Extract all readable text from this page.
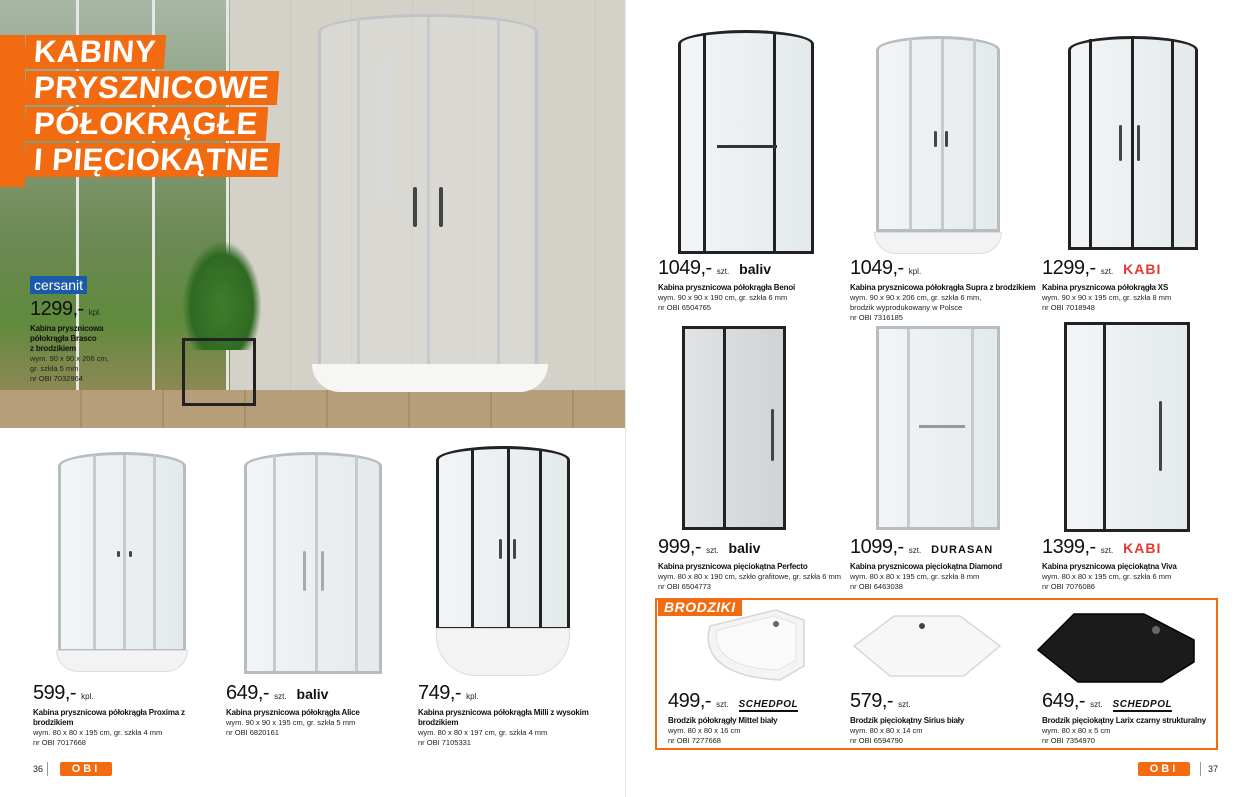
KABINY
PRYSZNICOWE
PÓŁOKRĄGŁE
I PIĘCIOKĄTNE
cersanit
1299,- kpl.
Kabina prysznicowa
półokrągła Brasco
z brodzikiem
wym. 90 x 90 x 206 cm,
gr. szkła 5 mm
nr OBI 7032964
1049,- szt. baliv
Kabina prysznicowa półokrągła Benoi
wym. 90 x 90 x 190 cm, gr. szkła 6 mm
nr OBI 6504765
1049,- kpl.
Kabina prysznicowa półokrągła Supra z brodzikiem
wym. 90 x 90 x 206 cm, gr. szkła 6 mm,
brodzik wyprodukowany w Polsce
nr OBI 7316185
1299,- szt. KABI
Kabina prysznicowa półokrągła XS
wym. 90 x 90 x 195 cm, gr. szkła 8 mm
nr OBI 7018948
999,- szt. baliv
Kabina prysznicowa pięciokątna Perfecto
wym. 80 x 80 x 190 cm, szkło grafitowe, gr. szkła 6 mm
nr OBI 6504773
1099,- szt. DURASAN
Kabina prysznicowa pięciokątna Diamond
wym. 80 x 80 x 195 cm, gr. szkła 8 mm
nr OBI 6463038
1399,- szt. KABI
Kabina prysznicowa pięciokątna Viva
wym. 80 x 80 x 195 cm, gr. szkła 6 mm
nr OBI 7076086
599,- kpl.
Kabina prysznicowa półokrągła Proxima z brodzikiem
wym. 80 x 80 x 195 cm, gr. szkła 4 mm
nr OBI 7017668
649,- szt. baliv
Kabina prysznicowa półokrągła Alice
wym. 90 x 90 x 195 cm, gr. szkła 5 mm
nr OBI 6820161
749,- kpl.
Kabina prysznicowa półokrągła Milli z wysokim brodzikiem
wym. 80 x 80 x 197 cm, gr. szkła 4 mm
nr OBI 7105331
BRODZIKI
499,- szt. SCHEDPOL
Brodzik półokrągły Mittel biały
wym. 80 x 80 x 16 cm
nr OBI 7277668
579,- szt.
Brodzik pięciokątny Sirius biały
wym. 80 x 80 x 14 cm
nr OBI 6594790
649,- szt. SCHEDPOL
Brodzik pięciokątny Larix czarny strukturalny
wym. 80 x 80 x 5 cm
nr OBI 7354970
36	OBI	OBI	37
